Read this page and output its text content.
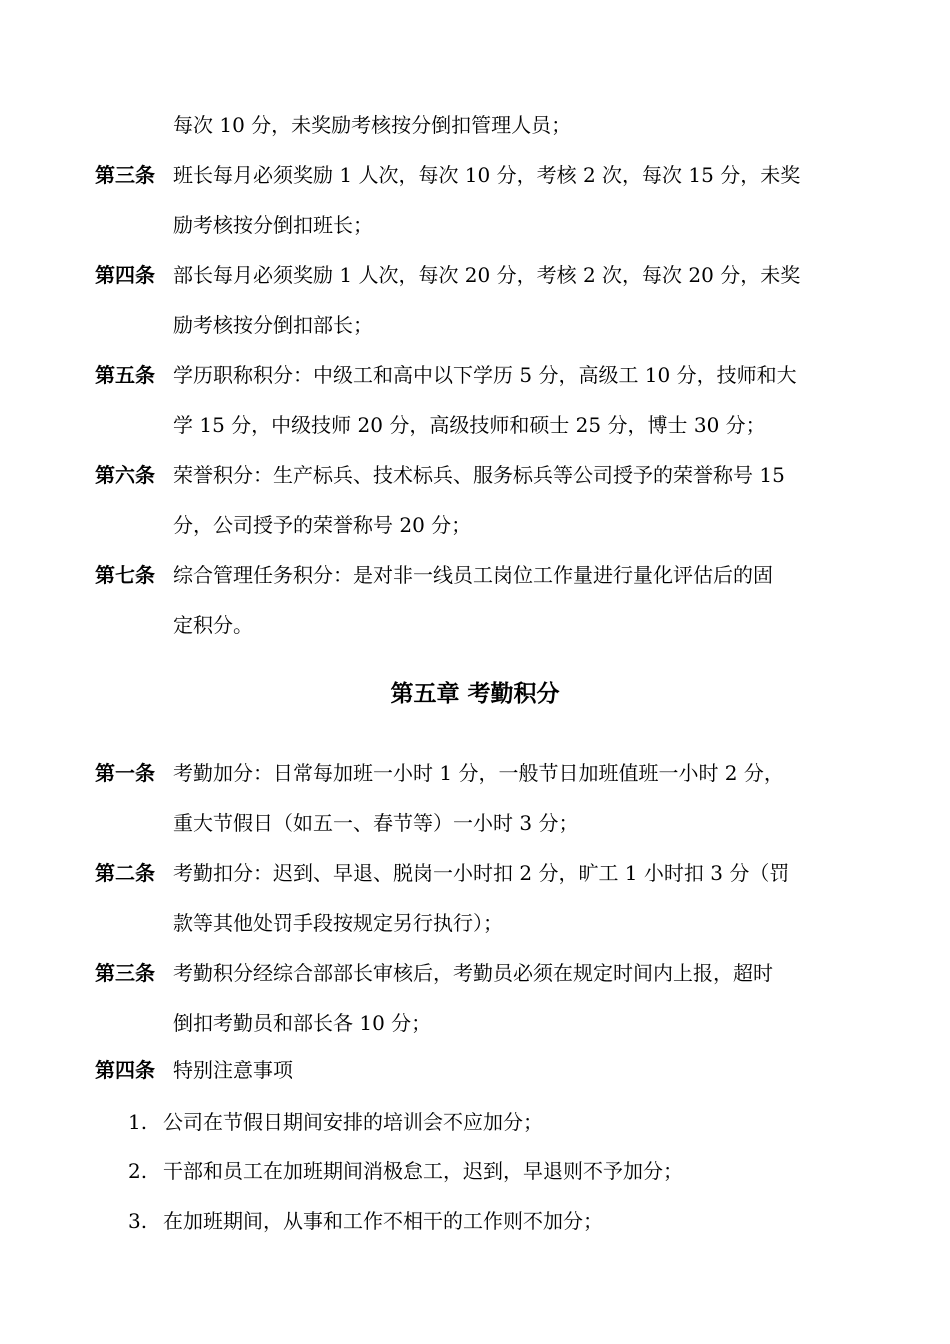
每次 10 分，未奖励考核按分倒扣管理人员；
第三条 班长每月必须奖励 1 人次，每次 10 分，考核 2 次，每次 15 分，未奖
励考核按分倒扣班长；
第四条 部长每月必须奖励 1 人次，每次 20 分，考核 2 次，每次 20 分，未奖
励考核按分倒扣部长；
第五条 学历职称积分：中级工和高中以下学历 5 分，高级工 10 分，技师和大
学 15 分，中级技师 20 分，高级技师和硕士 25 分，博士 30 分；
第六条 荣誉积分：生产标兵、技术标兵、服务标兵等公司授予的荣誉称号 15
分，公司授予的荣誉称号 20 分；
第七条 综合管理任务积分：是对非一线员工岗位工作量进行量化评估后的固
定积分。
第五章 考勤积分
第一条 考勤加分：日常每加班一小时 1 分，一般节日加班值班一小时 2 分，
重大节假日（如五一、春节等）一小时 3 分；
第二条 考勤扣分：迟到、早退、脱岗一小时扣 2 分，旷工 1 小时扣 3 分（罚
款等其他处罚手段按规定另行执行）；
第三条 考勤积分经综合部部长审核后，考勤员必须在规定时间内上报，超时
倒扣考勤员和部长各 10 分；
第四条 特别注意事项
1. 公司在节假日期间安排的培训会不应加分；
2. 干部和员工在加班期间消极怠工，迟到，早退则不予加分；
3. 在加班期间，从事和工作不相干的工作则不加分；
